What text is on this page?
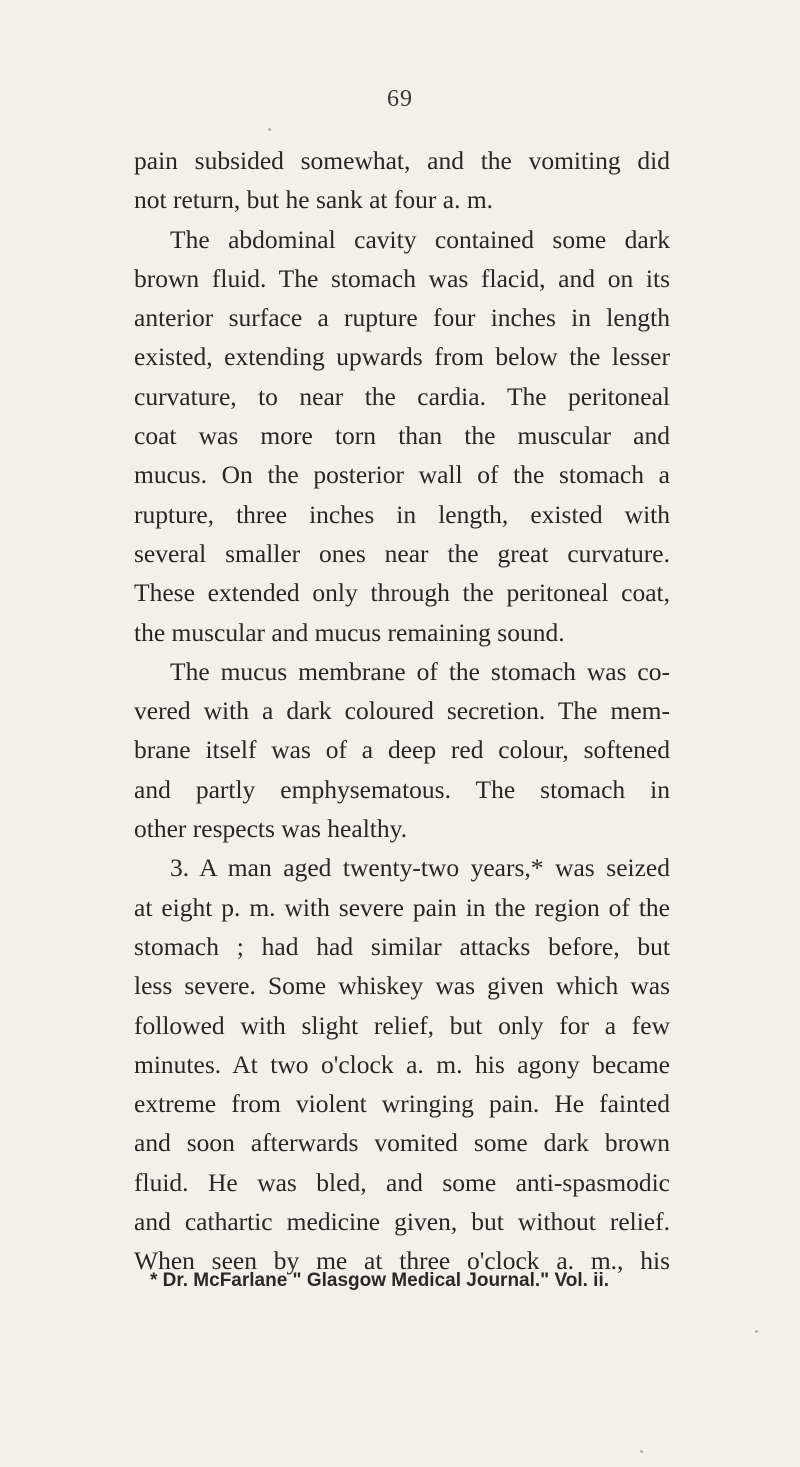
69
pain subsided somewhat, and the vomiting did
not return, but he sank at four a. m.
The abdominal cavity contained some dark
brown fluid. The stomach was flacid, and on its
anterior surface a rupture four inches in length
existed, extending upwards from below the lesser
curvature, to near the cardia. The peritoneal
coat was more torn than the muscular and
mucus. On the posterior wall of the stomach a
rupture, three inches in length, existed with
several smaller ones near the great curvature.
These extended only through the peritoneal coat,
the muscular and mucus remaining sound.
The mucus membrane of the stomach was co-
vered with a dark coloured secretion. The mem-
brane itself was of a deep red colour, softened
and partly emphysematous. The stomach in
other respects was healthy.
3. A man aged twenty-two years,* was seized
at eight p. m. with severe pain in the region of the
stomach ; had had similar attacks before, but
less severe. Some whiskey was given which was
followed with slight relief, but only for a few
minutes. At two o'clock a. m. his agony became
extreme from violent wringing pain. He fainted
and soon afterwards vomited some dark brown
fluid. He was bled, and some anti-spasmodic
and cathartic medicine given, but without relief.
When seen by me at three o'clock a. m., his
* Dr. McFarlane " Glasgow Medical Journal." Vol. ii.
